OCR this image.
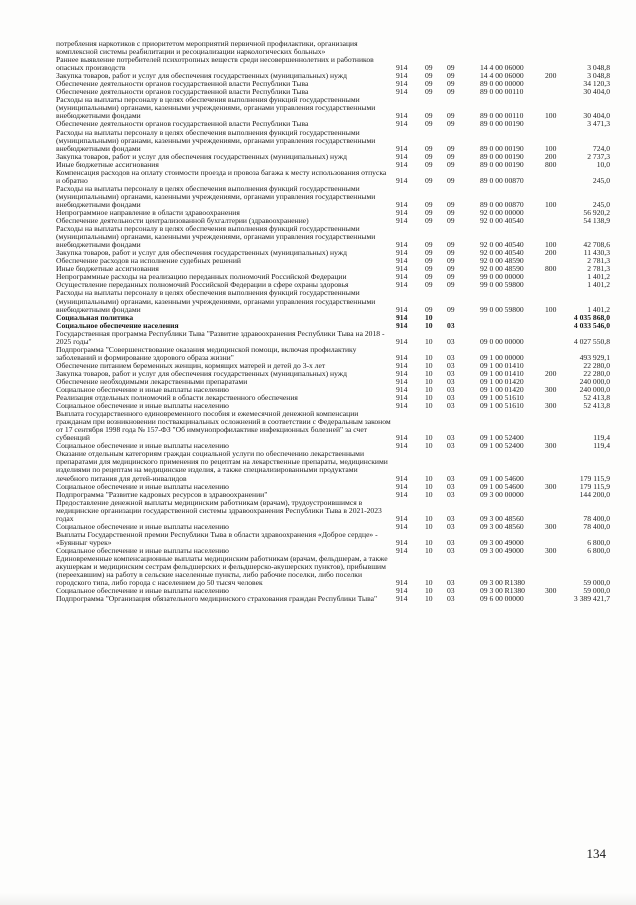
потребления наркотиков с приоритетом мероприятий первичной профилактики, организация комплексной системы реабилитации и ресоциализации наркологических больных»
Раннее выявление потребителей психотропных веществ среди несовершеннолетних и работников опасных производств	914 09 09	14 4 00 06000	3 048,8
Закупка товаров, работ и услуг для обеспечения государственных (муниципальных) нужд	914 09 09	14 4 00 06000	200	3 048,8
Обеспечение деятельности органов государственной власти Республики Тыва	914 09 09	89 0 00 00000	34 120,3
Обеспечение деятельности органов государственной власти Республики Тыва	914 09 09	89 0 00 00110	30 404,0
Расходы на выплаты персоналу в целях обеспечения выполнения функций государственными (муниципальными) органами, казенными учреждениями, органами управления государственными внебюджетными фондами	914 09 09	89 0 00 00110	100	30 404,0
Обеспечение деятельности органов государственной власти Республики Тыва	914 09 09	89 0 00 00190	3 471,3
Расходы на выплаты персоналу в целях обеспечения выполнения функций государственными (муниципальными) органами, казенными учреждениями, органами управления государственными внебюджетными фондами	914 09 09	89 0 00 00190	100	724,0
Закупка товаров, работ и услуг для обеспечения государственных (муниципальных) нужд	914 09 09	89 0 00 00190	200	2 737,3
Иные бюджетные ассигнования	914 09 09	89 0 00 00190	800	10,0
Компенсация расходов на оплату стоимости проезда и провоза багажа к месту использования отпуска и обратно	914 09 09	89 0 00 00870	245,0
Расходы на выплаты персоналу в целях обеспечения выполнения функций государственными (муниципальными) органами, казенными учреждениями, органами управления государственными внебюджетными фондами	914 09 09	89 0 00 00870	100	245,0
Непрограммное направление в области здравоохранения	914 09 09	92 0 00 00000	56 920,2
Обеспечение деятельности централизованной бухгалтерии (здравоохранение)	914 09 09	92 0 00 40540	54 138,9
Расходы на выплаты персоналу в целях обеспечения выполнения функций государственными (муниципальными) органами, казенными учреждениями, органами управления государственными внебюджетными фондами	914 09 09	92 0 00 40540	100	42 708,6
Закупка товаров, работ и услуг для обеспечения государственных (муниципальных) нужд	914 09 09	92 0 00 40540	200	11 430,3
Обеспечение расходов на исполнение судебных решений	914 09 09	92 0 00 48590	2 781,3
Иные бюджетные ассигнования	914 09 09	92 0 00 48590	800	2 781,3
Непрограммные расходы на реализацию переданных полномочий Российской Федерации	914 09 09	99 0 00 00000	1 401,2
Осуществление переданных полномочий Российской Федерации в сфере охраны здоровья	914 09 09	99 0 00 59800	1 401,2
Расходы на выплаты персоналу в целях обеспечения выполнения функций государственными (муниципальными) органами, казенными учреждениями, органами управления государственными внебюджетными фондами	914 09 09	99 0 00 59800	100	1 401,2
Социальная политика	914 10	4 035 868,0
Социальное обеспечение населения	914 10 03	4 033 546,0
Государственная программа Республики Тыва "Развитие здравоохранения Республики Тыва на 2018 - 2025 годы"	914 10 03	09 0 00 00000	4 027 550,8
Подпрограмма "Совершенствование оказания медицинской помощи, включая профилактику заболеваний и формирование здорового образа жизни"	914 10 03	09 1 00 00000	493 929,1
Обеспечение питанием беременных женщин, кормящих матерей и детей до 3-х лет	914 10 03	09 1 00 01410	22 280,0
Закупка товаров, работ и услуг для обеспечения государственных (муниципальных) нужд	914 10 03	09 1 00 01410	200	22 280,0
Обеспечение необходимыми лекарственными препаратами	914 10 03	09 1 00 01420	240 000,0
Социальное обеспечение и иные выплаты населению	914 10 03	09 1 00 01420	300	240 000,0
Реализация отдельных полномочий в области лекарственного обеспечения	914 10 03	09 1 00 51610	52 413,8
Социальное обеспечение и иные выплаты населению	914 10 03	09 1 00 51610	300	52 413,8
Выплата государственного единовременного пособия и ежемесячной денежной компенсации гражданам при возникновении поствакцинальных осложнений в соответствии с Федеральным законом от 17 сентября 1998 года № 157-ФЗ "Об иммунопрофилактике инфекционных болезней" за счет субвенций	914 10 03	09 1 00 52400	119,4
Социальное обеспечение и иные выплаты населению	914 10 03	09 1 00 52400	300	119,4
Оказание отдельным категориям граждан социальной услуги по обеспечению лекарственными препаратами для медицинского применения по рецептам на лекарственные препараты, медицинскими изделиями по рецептам на медицинские изделия, а также специализированными продуктами лечебного питания для детей-инвалидов	914 10 03	09 1 00 54600	179 115,9
Социальное обеспечение и иные выплаты населению	914 10 03	09 1 00 54600	300	179 115,9
Подпрограмма "Развитие кадровых ресурсов в здравоохранении"	914 10 03	09 3 00 00000	144 200,0
Предоставление денежной выплаты медицинским работникам (врачам), трудоустроившимся в медицинские организации государственной системы здравоохранения Республики Тыва в 2021-2023 годах	914 10 03	09 3 00 48560	78 400,0
Социальное обеспечение и иные выплаты населению	914 10 03	09 3 00 48560	300	78 400,0
Выплаты Государственной премии Республики Тыва в области здравоохранения «Доброе сердце» - «Буянныг чурек»	914 10 03	09 3 00 49000	6 800,0
Социальное обеспечение и иные выплаты населению	914 10 03	09 3 00 49000	300	6 800,0
Единовременные компенсационные выплаты медицинским работникам (врачам, фельдшерам, а также акушеркам и медицинским сестрам фельдшерских и фельдшерско-акушерских пунктов), прибывшим (переехавшим) на работу в сельские населенные пункты, либо рабочие поселки, либо поселки городского типа, либо города с населением до 50 тысяч человек	914 10 03	09 3 00 R1380	59 000,0
Социальное обеспечение и иные выплаты населению	914 10 03	09 3 00 R1380	300	59 000,0
Подпрограмма "Организация обязательного медицинского страхования граждан Республики Тыва"	914 10 03	09 6 00 00000	3 389 421,7
134
